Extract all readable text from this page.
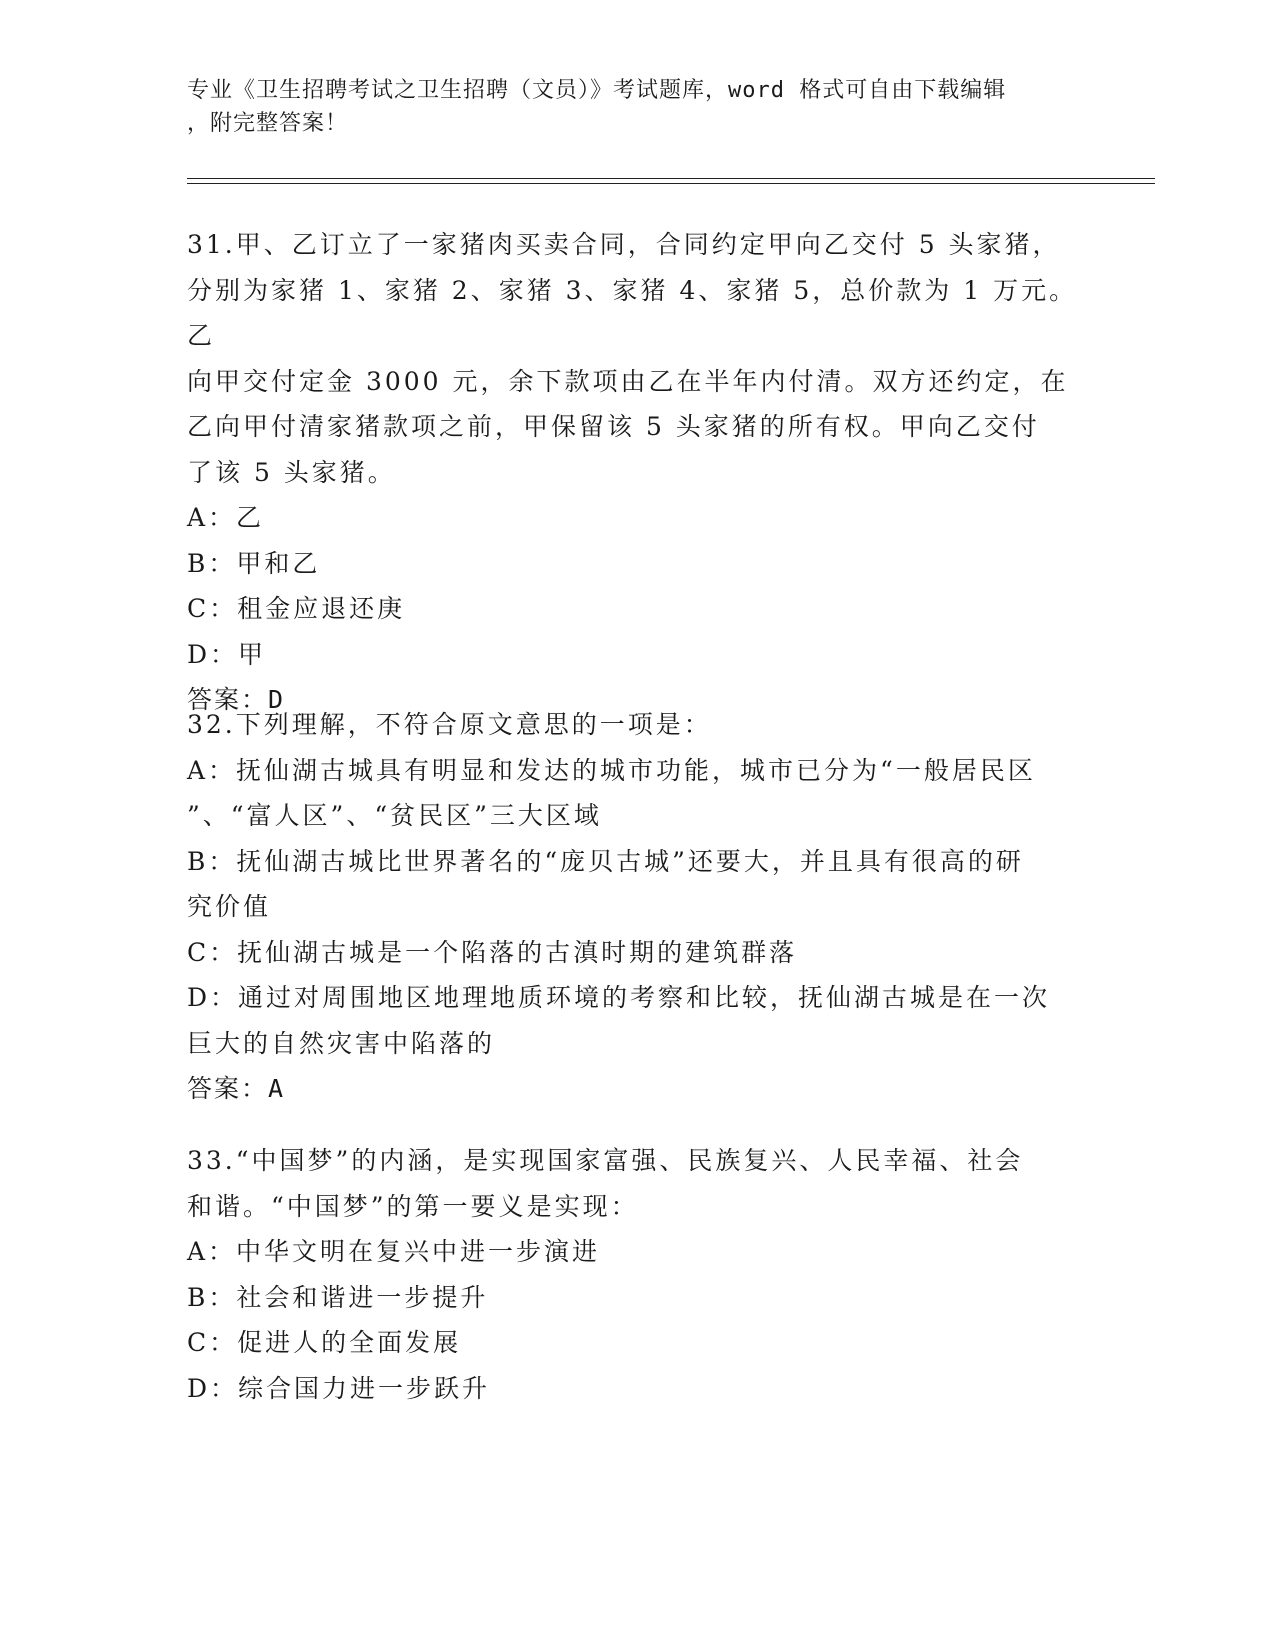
专业《卫生招聘考试之卫生招聘（文员）》考试题库，word 格式可自由下载编辑
，附完整答案！

31.甲、乙订立了一家猪肉买卖合同，合同约定甲向乙交付 5 头家猪，

分别为家猪 1、家猪 2、家猪 3、家猪 4、家猪 5，总价款为 1 万元。乙

向甲交付定金 3000 元，余下款项由乙在半年内付清。双方还约定，在

乙向甲付清家猪款项之前，甲保留该 5 头家猪的所有权。甲向乙交付

了该 5 头家猪。

A：乙

B：甲和乙

C：租金应退还庚

D：甲

答案：D

32.下列理解，不符合原文意思的一项是：

A：抚仙湖古城具有明显和发达的城市功能，城市已分为“一般居民区

”、“富人区”、“贫民区”三大区域

B：抚仙湖古城比世界著名的“庞贝古城”还要大，并且具有很高的研

究价值

C：抚仙湖古城是一个陷落的古滇时期的建筑群落

D：通过对周围地区地理地质环境的考察和比较，抚仙湖古城是在一次

巨大的自然灾害中陷落的

答案：A

33.“中国梦”的内涵，是实现国家富强、民族复兴、人民幸福、社会

和谐。“中国梦”的第一要义是实现：

A：中华文明在复兴中进一步演进

B：社会和谐进一步提升

C：促进人的全面发展

D：综合国力进一步跃升
